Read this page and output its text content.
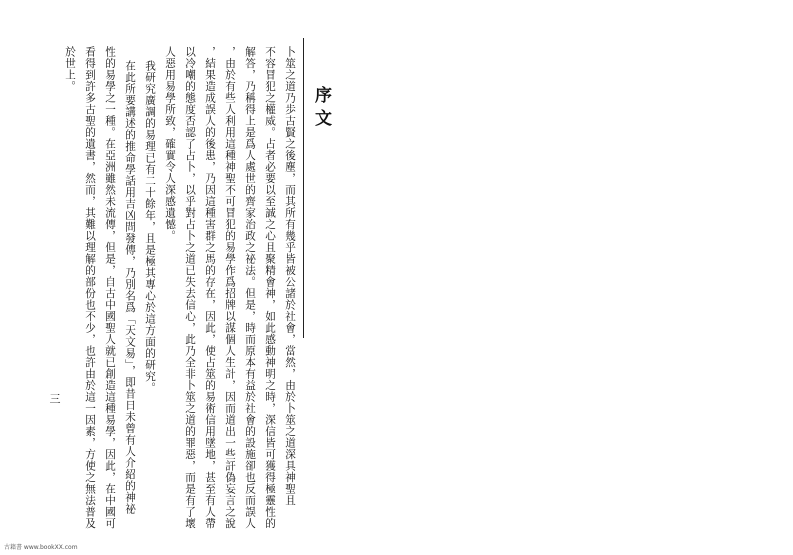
序文
卜筮之道乃歩古賢之後塵，而其所有幾乎皆被公諸於社會，當然，由於卜筮之道深具神聖且
不容冒犯之權威。占者必要以至誠之心且聚精會神，如此感動神明之時，深信皆可獲得極靈性的
解答，乃稱得上是爲人處世的齊家治政之祕法。但是，時而原本有益於社會的設施卻也反而誤人
，由於有些人利用這種神聖不可冒犯的易學作爲招牌以謀個人生計，因而道出一些訐偽妄言之說
，結果造成誤人的後患，乃因這種害群之馬的存在，因此，使占筮的易術信用墜地，甚至有人帶
以冷嘲的態度否認了占卜，以乎對占卜之道已失去信心，此乃全非卜筮之道的罪惡，而是有了壞
人惡用易學所致，確實令人深感遺憾。
我研究廣調的易理已有二十餘年，且是極其專心於這方面的研究。
在此所要講述的推命學話用吉凶問發傳，乃別名爲「天文易」，即昔日未曾有人介紹的神祕
性的易學之一種。在亞洲雖然未流傳，但是，自古中國聖人就已創造這種易學，因此，在中國可
看得到許多古聖的遺書，然而，其難以理解的部份也不少，也許由於這一因素，方使之無法普及
於世上。
三
古籍書 www.bookXX.com
